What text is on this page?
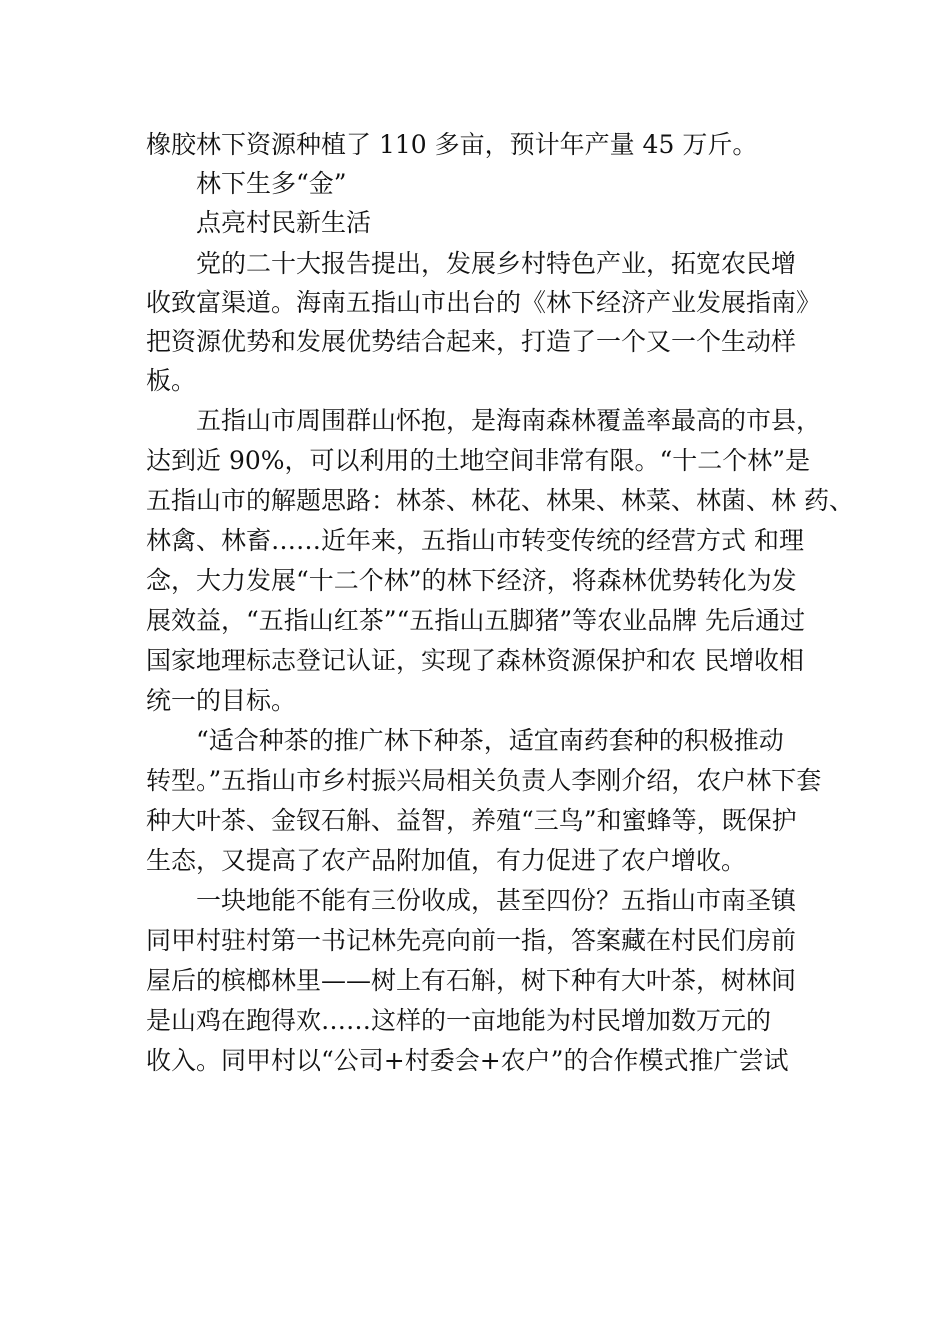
橡胶林下资源种植了 110 多亩，预计年产量 45 万斤。
林下生多“金”
点亮村民新生活
党的二十大报告提出，发展乡村特色产业，拓宽农民增
收致富渠道。海南五指山市出台的《林下经济产业发展指南》
把资源优势和发展优势结合起来，打造了一个又一个生动样
板。
五指山市周围群山怀抱，是海南森林覆盖率最高的市县，
达到近 90%，可以利用的土地空间非常有限。“十二个林”是
五指山市的解题思路：林茶、林花、林果、林菜、林菌、林 药、
林禽、林畜……近年来，五指山市转变传统的经营方式 和理
念，大力发展“十二个林”的林下经济，将森林优势转化为发
展效益，“五指山红茶”“五指山五脚猪”等农业品牌 先后通过
国家地理标志登记认证，实现了森林资源保护和农 民增收相
统一的目标。
“适合种茶的推广林下种茶，适宜南药套种的积极推动
转型。”五指山市乡村振兴局相关负责人李刚介绍，农户林下套
种大叶茶、金钗石斛、益智，养殖“三鸟”和蜜蜂等，既保护
生态，又提高了农产品附加值，有力促进了农户增收。
一块地能不能有三份收成，甚至四份？五指山市南圣镇
同甲村驻村第一书记林先亮向前一指，答案藏在村民们房前
屋后的槟榔林里——树上有石斛，树下种有大叶茶，树林间
是山鸡在跑得欢……这样的一亩地能为村民增加数万元的
收入。同甲村以“公司+村委会+农户”的合作模式推广尝试
